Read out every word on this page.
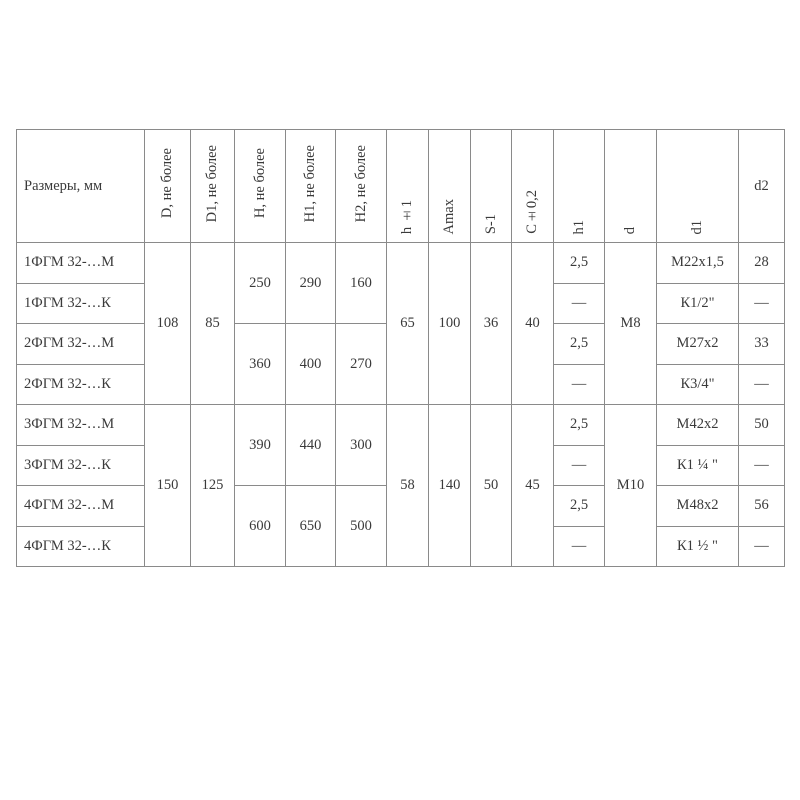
Размеры, мм	D, не более	D1, не более	H, не более	H1, не более	H2, не более	h ±1	Amax	S-1	C±0,2	h1	d	d1	d2
1ФГМ 32-…М	108	85	250	290	160	65	100	36	40	2,5	М8	М22х1,5	28
1ФГМ 32-…К										—		К1/2"	—
2ФГМ 32-…М			360	400	270					2,5		М27х2	33
2ФГМ 32-…К										—		К3/4"	—
3ФГМ 32-…М	150	125	390	440	300	58	140	50	45	2,5	М10	М42х2	50
3ФГМ 32-…К										—		К1 ¼ "	—
4ФГМ 32-…М			600	650	500					2,5		М48х2	56
4ФГМ 32-…К										—		К1 ½ "	—
